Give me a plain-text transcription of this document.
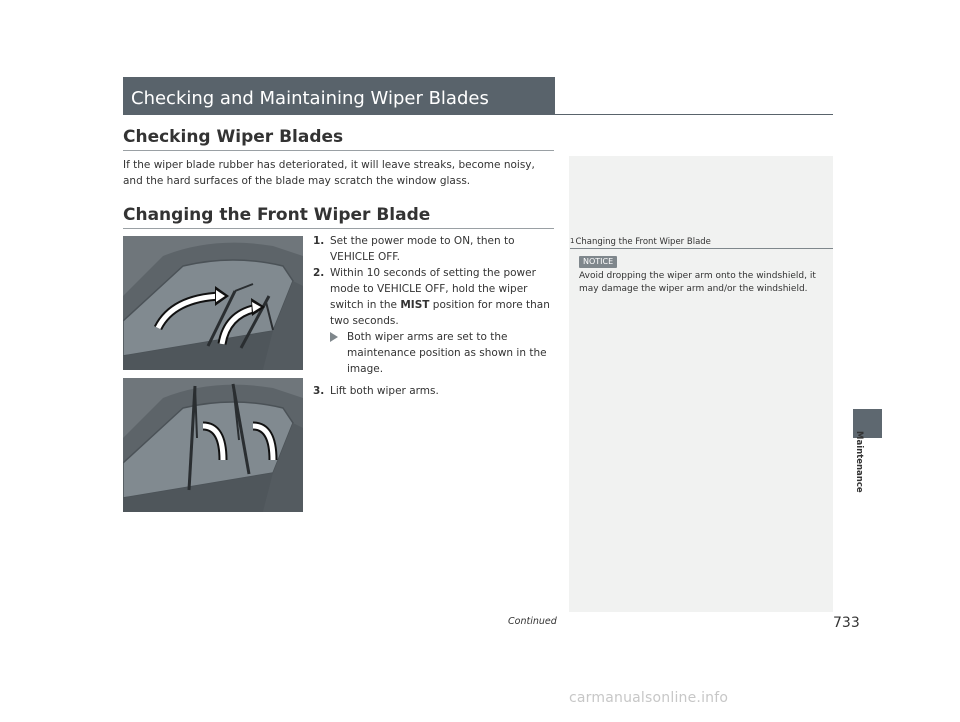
Checking and Maintaining Wiper Blades
Checking Wiper Blades
If the wiper blade rubber has deteriorated, it will leave streaks, become noisy, and the hard surfaces of the blade may scratch the window glass.
Changing the Front Wiper Blade
1. Set the power mode to ON, then to VEHICLE OFF.
2. Within 10 seconds of setting the power mode to VEHICLE OFF, hold the wiper switch in the MIST position for more than two seconds.
Both wiper arms are set to the maintenance position as shown in the image.
3. Lift both wiper arms.
$^1$Changing the Front Wiper Blade
NOTICE
Avoid dropping the wiper arm onto the windshield, it may damage the wiper arm and/or the windshield.
Maintenance
Continued	733
carmanualsonline.info
